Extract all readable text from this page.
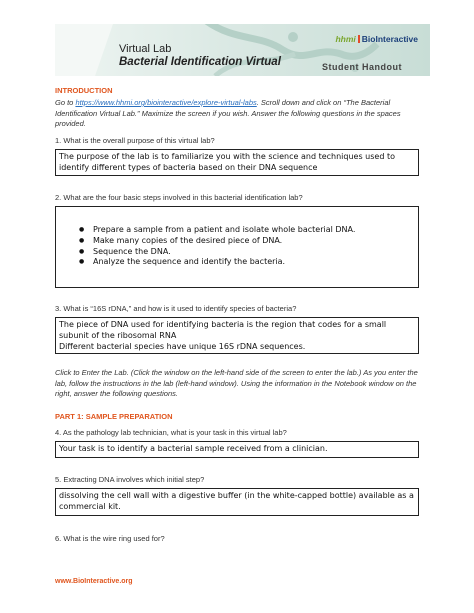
Virtual Lab
Bacterial Identification Virtual	Student Handout
hhmi BioInteractive
INTRODUCTION
Go to https://www.hhmi.org/biointeractive/explore-virtual-labs. Scroll down and click on “The Bacterial Identification Virtual Lab.” Maximize the screen if you wish. Answer the following questions in the spaces provided.
1. What is the overall purpose of this virtual lab?
The purpose of the lab is to familiarize you with the science and techniques used to identify different types of bacteria based on their DNA sequence
2. What are the four basic steps involved in this bacterial identification lab?
● Prepare a sample from a patient and isolate whole bacterial DNA.
● Make many copies of the desired piece of DNA.
● Sequence the DNA.
● Analyze the sequence and identify the bacteria.
3. What is “16S rDNA,” and how is it used to identify species of bacteria?
The piece of DNA used for identifying bacteria is the region that codes for a small subunit of the ribosomal RNA
Different bacterial species have unique 16S rDNA sequences.
Click to Enter the Lab. (Click the window on the left-hand side of the screen to enter the lab.) As you enter the lab, follow the instructions in the lab (left-hand window). Using the information in the Notebook window on the right, answer the following questions.
PART 1: SAMPLE PREPARATION
4. As the pathology lab technician, what is your task in this virtual lab?
Your task is to identify a bacterial sample received from a clinician.
5. Extracting DNA involves which initial step?
dissolving the cell wall with a digestive buffer (in the white-capped bottle) available as a commercial kit.
6. What is the wire ring used for?
www.BioInteractive.org
